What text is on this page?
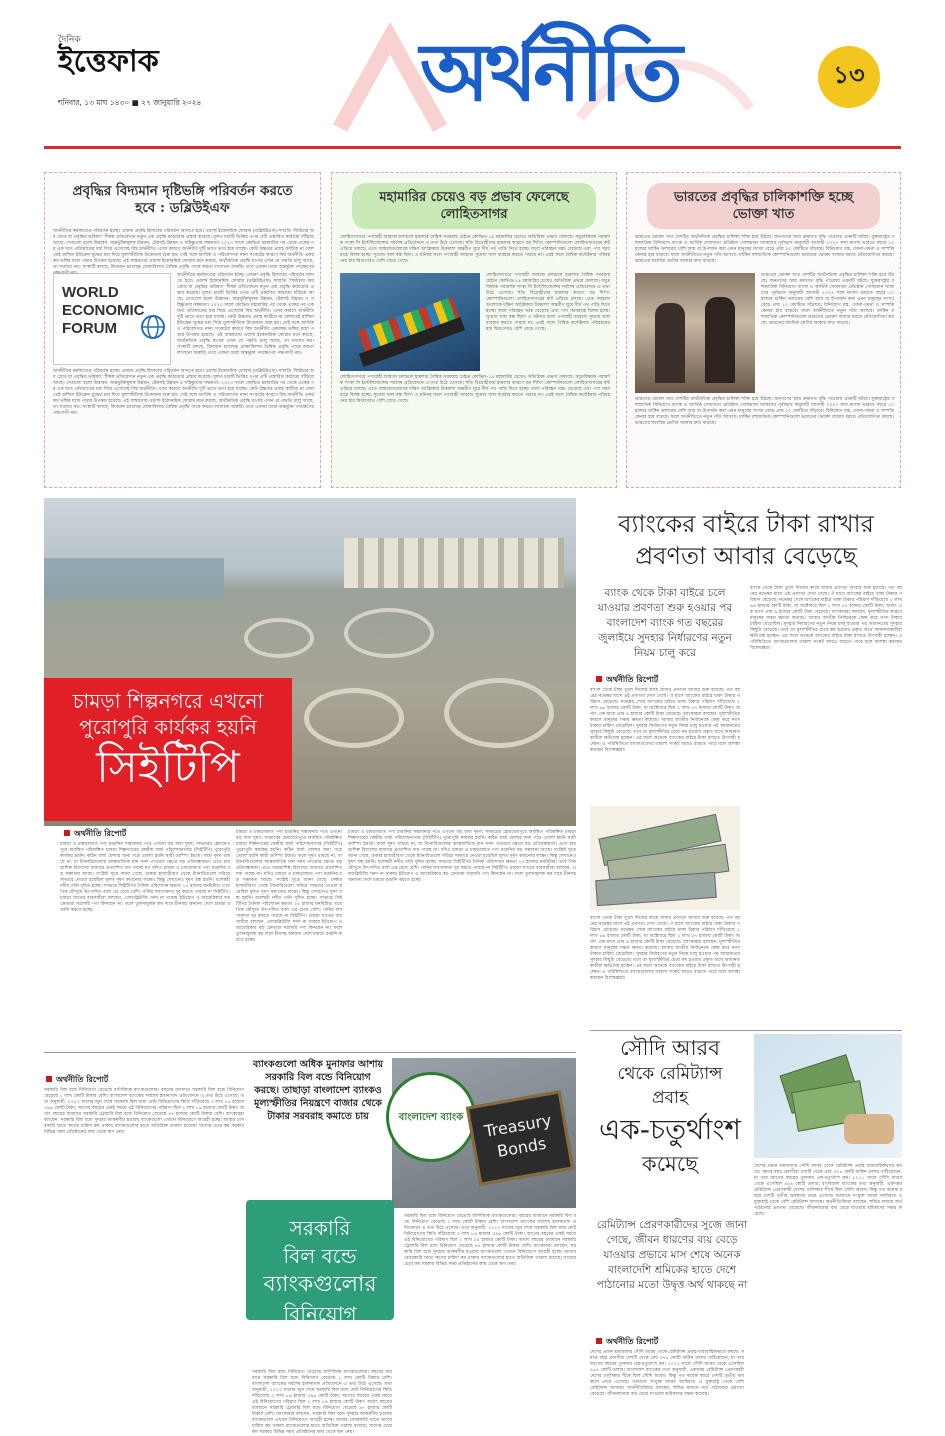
দৈনিক
ইত্তেফাক
শনিবার, ১৩ মাঘ ১৪৩০ ■ ২৭ জানুয়ারি ২০২৪	অর্থনীতি	১৩
প্রবৃদ্ধির বিদ্যমান দৃষ্টিভঙ্গি পরিবর্তন করতে হবে : ডব্লিউইএফ
WORLD
ECONOMIC
FORUM
অর্থনীতির কর্মকাণ্ডের পরিবর্তন হচ্ছে। এজন্য প্রবৃদ্ধি হিসাবের পরিবর্তন আনতে হবে। ওয়ার্ল্ড ইকোনমিক ফোরাম (ডব্লিউইএফ) সম্প্রতি 'ফিউচার অব গ্রোথ বা প্রবৃদ্ধির ভবিষ্যৎ' শীর্ষক প্রতিবেদনে নতুন এক প্রবৃদ্ধি কাঠামোর প্রস্তাব করেছে। মূলত চারটি ভিত্তির ওপর এটি প্রস্তাবিত কাঠামো দাঁড়িয়ে আছে। সেগুলো হলো উদ্ভাবন, অন্তর্ভুক্তিমূলক উন্নয়ন, টেকসই উন্নয়ন ও সহিষ্ণুতার সক্ষমতা। ২০২৩ সালে কোভিড মহামারির পর থেকে একের পর এক ঘাত প্রতিঘাতের মধ্য দিয়ে এগোচ্ছে বিশ্ব অর্থনীতি। এসব কারণে অর্থনীতি দুটি ভাগে ভাগ হয়ে যাচ্ছে। কেউ উচ্চতর প্রবাহ কাটিয়ে না ফেলতেই রাশিয়া ইউক্রেন যুদ্ধের মধ্য দিয়ে মুল্যস্ফীতিক উত্তেজনা শুরু হয়। সেই সঙ্গে আর্থিক ও পরিবেশগত নানা সংকটের কারণে বিশ্ব অর্থনীতি একরকম ভঙ্গির মধ্যে পড়ার উপক্রম হয়েছে। এই বাস্তবতায় ওয়ার্ল্ড ইকোনমিক ফোরাম মনে করছে, অর্থনৈতিক প্রবৃদ্ধি মাপার এখন যে পদ্ধতি চালু আছে, তা যথাযথ নয়। সংস্থাটি বলছে, বিদ্যমান চ্যালেঞ্জ মোকাবিলায় বৈশ্বিক প্রবৃদ্ধি পাকে ফয়ত্য লাগানো জরুরি। তবে এজন্য তারা অন্তর্ভুক্ত পদক্ষেপের পক্ষপাতী নয়।	অর্থনীতির কর্মকাণ্ডের পরিবর্তন হচ্ছে। এজন্য প্রবৃদ্ধি হিসাবের পরিবর্তন আনতে হবে। ওয়ার্ল্ড ইকোনমিক ফোরাম (ডব্লিউইএফ) সম্প্রতি 'ফিউচার অব গ্রোথ বা প্রবৃদ্ধির ভবিষ্যৎ' শীর্ষক প্রতিবেদনে নতুন এক প্রবৃদ্ধি কাঠামোর প্রস্তাব করেছে। মূলত চারটি ভিত্তির ওপর এটি প্রস্তাবিত কাঠামো দাঁড়িয়ে আছে। সেগুলো হলো উদ্ভাবন, অন্তর্ভুক্তিমূলক উন্নয়ন, টেকসই উন্নয়ন ও সহিষ্ণুতার সক্ষমতা। ২০২৩ সালে কোভিড মহামারির পর থেকে একের পর এক ঘাত প্রতিঘাতের মধ্য দিয়ে এগোচ্ছে বিশ্ব অর্থনীতি। এসব কারণে অর্থনীতি দুটি ভাগে ভাগ হয়ে যাচ্ছে। কেউ উচ্চতর প্রবাহ কাটিয়ে না ফেলতেই রাশিয়া ইউক্রেন যুদ্ধের মধ্য দিয়ে মুল্যস্ফীতিক উত্তেজনা শুরু হয়। সেই সঙ্গে আর্থিক ও পরিবেশগত নানা সংকটের কারণে বিশ্ব অর্থনীতি একরকম ভঙ্গির মধ্যে পড়ার উপক্রম হয়েছে। এই বাস্তবতায় ওয়ার্ল্ড ইকোনমিক ফোরাম মনে করছে, অর্থনৈতিক প্রবৃদ্ধি মাপার এখন যে পদ্ধতি চালু আছে, তা যথাযথ নয়। সংস্থাটি বলছে, বিদ্যমান চ্যালেঞ্জ মোকাবিলায় বৈশ্বিক প্রবৃদ্ধি পাকে ফয়ত্য লাগানো জরুরি। তবে এজন্য তারা অন্তর্ভুক্ত পদক্ষেপের পক্ষপাতী নয়।
অর্থনীতির কর্মকাণ্ডের পরিবর্তন হচ্ছে। এজন্য প্রবৃদ্ধি হিসাবের পরিবর্তন আনতে হবে। ওয়ার্ল্ড ইকোনমিক ফোরাম (ডব্লিউইএফ) সম্প্রতি 'ফিউচার অব গ্রোথ বা প্রবৃদ্ধির ভবিষ্যৎ' শীর্ষক প্রতিবেদনে নতুন এক প্রবৃদ্ধি কাঠামোর প্রস্তাব করেছে। মূলত চারটি ভিত্তির ওপর এটি প্রস্তাবিত কাঠামো দাঁড়িয়ে আছে। সেগুলো হলো উদ্ভাবন, অন্তর্ভুক্তিমূলক উন্নয়ন, টেকসই উন্নয়ন ও সহিষ্ণুতার সক্ষমতা। ২০২৩ সালে কোভিড মহামারির পর থেকে একের পর এক ঘাত প্রতিঘাতের মধ্য দিয়ে এগোচ্ছে বিশ্ব অর্থনীতি। এসব কারণে অর্থনীতি দুটি ভাগে ভাগ হয়ে যাচ্ছে। কেউ উচ্চতর প্রবাহ কাটিয়ে না ফেলতেই রাশিয়া ইউক্রেন যুদ্ধের মধ্য দিয়ে মুল্যস্ফীতিক উত্তেজনা শুরু হয়। সেই সঙ্গে আর্থিক ও পরিবেশগত নানা সংকটের কারণে বিশ্ব অর্থনীতি একরকম ভঙ্গির মধ্যে পড়ার উপক্রম হয়েছে। এই বাস্তবতায় ওয়ার্ল্ড ইকোনমিক ফোরাম মনে করছে, অর্থনৈতিক প্রবৃদ্ধি মাপার এখন যে পদ্ধতি চালু আছে, তা যথাযথ নয়। সংস্থাটি বলছে, বিদ্যমান চ্যালেঞ্জ মোকাবিলায় বৈশ্বিক প্রবৃদ্ধি পাকে ফয়ত্য লাগানো জরুরি। তবে এজন্য তারা অন্তর্ভুক্ত পদক্ষেপের পক্ষপাতী নয়।
মহামারির চেয়েও বড় প্রভাব ফেলেছে লোহিতসাগর
লোহিতসাগরে পণ্যবাহী জাহাজ চলাচলে হামলার বৈশ্বিক সরবরাহ চেইনে কোভিড-১৯ মহামারির চেয়েও অতিরিক্ত প্রভাব ফেলছে। সমুদ্রবিষয়ক পরামর্শক সংস্থা সি ইন্টেলিজেন্সের সর্বশেষ প্রতিবেদনে এ তথ্য উঠে এসেছে। হুতি বিদ্রোহীদের হামলার কারণে বড় শিপিং কোম্পানিগুলো লোহিতসাগরের রুট এড়িয়ে চলছে। এতে জাহাজগুলোকে দক্ষিণ আফ্রিকার উত্তমাশা অন্তরীপ ঘুরে দীর্ঘ পথ পাড়ি দিতে হচ্ছে। ফলে পরিবহন খরচ বেড়েছে এবং পণ্য সরবরাহে বিলম্ব হচ্ছে। সুয়েজ খাল বন্ধ ছিল। এ ঘটনার ফলে পণ্যবাহী জাহাজ সুয়েজ খাল ব্যবহার করতে পারছে না। এরই ফলে বৈশ্বিক কন্টেইনার পরিবহনের হার দ্বিগুণেরও বেশি বেড়ে গেছে।
লোহিতসাগরে পণ্যবাহী জাহাজ চলাচলে হামলার বৈশ্বিক সরবরাহ চেইনে কোভিড-১৯ মহামারির চেয়েও অতিরিক্ত প্রভাব ফেলছে। সমুদ্রবিষয়ক পরামর্শক সংস্থা সি ইন্টেলিজেন্সের সর্বশেষ প্রতিবেদনে এ তথ্য উঠে এসেছে। হুতি বিদ্রোহীদের হামলার কারণে বড় শিপিং কোম্পানিগুলো লোহিতসাগরের রুট এড়িয়ে চলছে। এতে জাহাজগুলোকে দক্ষিণ আফ্রিকার উত্তমাশা অন্তরীপ ঘুরে দীর্ঘ পথ পাড়ি দিতে হচ্ছে। ফলে পরিবহন খরচ বেড়েছে এবং পণ্য সরবরাহে বিলম্ব হচ্ছে। সুয়েজ খাল বন্ধ ছিল। এ ঘটনার ফলে পণ্যবাহী জাহাজ সুয়েজ খাল ব্যবহার করতে পারছে না। এরই ফলে বৈশ্বিক কন্টেইনার পরিবহনের হার দ্বিগুণেরও বেশি বেড়ে গেছে।
লোহিতসাগরে পণ্যবাহী জাহাজ চলাচলে হামলার বৈশ্বিক সরবরাহ চেইনে কোভিড-১৯ মহামারির চেয়েও অতিরিক্ত প্রভাব ফেলছে। সমুদ্রবিষয়ক পরামর্শক সংস্থা সি ইন্টেলিজেন্সের সর্বশেষ প্রতিবেদনে এ তথ্য উঠে এসেছে। হুতি বিদ্রোহীদের হামলার কারণে বড় শিপিং কোম্পানিগুলো লোহিতসাগরের রুট এড়িয়ে চলছে। এতে জাহাজগুলোকে দক্ষিণ আফ্রিকার উত্তমাশা অন্তরীপ ঘুরে দীর্ঘ পথ পাড়ি দিতে হচ্ছে। ফলে পরিবহন খরচ বেড়েছে এবং পণ্য সরবরাহে বিলম্ব হচ্ছে। সুয়েজ খাল বন্ধ ছিল। এ ঘটনার ফলে পণ্যবাহী জাহাজ সুয়েজ খাল ব্যবহার করতে পারছে না। এরই ফলে বৈশ্বিক কন্টেইনার পরিবহনের হার দ্বিগুণেরও বেশি বেড়ে গেছে।
ভারতের প্রবৃদ্ধির চালিকাশক্তি হচ্ছে ভোক্তা খাত
ভারতের ভোক্তা খাত দেশটির অর্থনৈতিক প্রবৃদ্ধির চালিকা শক্তি হয়ে উঠছে। জনগণের আয় ক্রমাগত বৃদ্ধি পাওয়ায় এমনটি ঘটছে। যুক্তরাষ্ট্রের বহুজাতিক বিনিয়োগ ব্যাংক ও আর্থিক সেবাদাতা প্রতিষ্ঠান গোল্ডম্যান স্যাকসের পূর্বাভাস অনুযায়ী আগামী ২০২৭ সাল নাগাদ ভারতে বছরে ১০ হাজার মার্কিন ডলারের বেশি আয় বা উপার্জন করা এমন মানুষের সংখ্যা বেড়ে প্রায় ১০ কোটিতে দাঁড়াবে। বিনিয়োগ যন্ত্র, সোনা-গয়না ও সম্পত্তি কেনার হার বাড়বে। ফলে অর্থনীতিতে নতুন গতি আসবে। মার্কিন বহুজাতিক কোম্পানিগুলো ভারতের ভোক্তা বাজার ধরতে প্রতিযোগিতা করছে। ভারতের মধ্যবিত্ত শ্রেণির আকার দ্রুত বাড়ছে।
ভারতের ভোক্তা খাত দেশটির অর্থনৈতিক প্রবৃদ্ধির চালিকা শক্তি হয়ে উঠছে। জনগণের আয় ক্রমাগত বৃদ্ধি পাওয়ায় এমনটি ঘটছে। যুক্তরাষ্ট্রের বহুজাতিক বিনিয়োগ ব্যাংক ও আর্থিক সেবাদাতা প্রতিষ্ঠান গোল্ডম্যান স্যাকসের পূর্বাভাস অনুযায়ী আগামী ২০২৭ সাল নাগাদ ভারতে বছরে ১০ হাজার মার্কিন ডলারের বেশি আয় বা উপার্জন করা এমন মানুষের সংখ্যা বেড়ে প্রায় ১০ কোটিতে দাঁড়াবে। বিনিয়োগ যন্ত্র, সোনা-গয়না ও সম্পত্তি কেনার হার বাড়বে। ফলে অর্থনীতিতে নতুন গতি আসবে। মার্কিন বহুজাতিক কোম্পানিগুলো ভারতের ভোক্তা বাজার ধরতে প্রতিযোগিতা করছে। ভারতের মধ্যবিত্ত শ্রেণির আকার দ্রুত বাড়ছে।
ভারতের ভোক্তা খাত দেশটির অর্থনৈতিক প্রবৃদ্ধির চালিকা শক্তি হয়ে উঠছে। জনগণের আয় ক্রমাগত বৃদ্ধি পাওয়ায় এমনটি ঘটছে। যুক্তরাষ্ট্রের বহুজাতিক বিনিয়োগ ব্যাংক ও আর্থিক সেবাদাতা প্রতিষ্ঠান গোল্ডম্যান স্যাকসের পূর্বাভাস অনুযায়ী আগামী ২০২৭ সাল নাগাদ ভারতে বছরে ১০ হাজার মার্কিন ডলারের বেশি আয় বা উপার্জন করা এমন মানুষের সংখ্যা বেড়ে প্রায় ১০ কোটিতে দাঁড়াবে। বিনিয়োগ যন্ত্র, সোনা-গয়না ও সম্পত্তি কেনার হার বাড়বে। ফলে অর্থনীতিতে নতুন গতি আসবে। মার্কিন বহুজাতিক কোম্পানিগুলো ভারতের ভোক্তা বাজার ধরতে প্রতিযোগিতা করছে। ভারতের মধ্যবিত্ত শ্রেণির আকার দ্রুত বাড়ছে।
চামড়া শিল্পনগরে এখনো
পুরোপুরি কার্যকর হয়নি
সিইটিপি
চামড়া ও চামড়াজাত পণ্য রপ্তানির সম্ভাবনার পথে এখনো বড় বাধা দূষণ। সাভারের হেমায়েতপুরে অবস্থিত পরিকল্পিত চামড়া শিল্পনগরের কেন্দ্রীয় বর্জ্য পরিশোধনাগার (সিইটিপি) পুরোপুরি কার্যকর হয়নি। কঠিন বর্জ্য ফেলার জন্য গড়ে তোলা হয়নি স্থায়ী ডাম্পিং ইয়ার্ড। ফলে দূষণ থামছে না, যা ট্যানারিগুলোর আন্তর্জাতিক মান সনদ পাওয়ার ক্ষেত্রে বড় প্রতিবন্ধকতা। এতে চামড়াশিল্প বিদেশের বাজারে প্রত্যাশিত দাম পাচ্ছে না। যদিও চামড়া ও চামড়াজাত পণ্য রপ্তানির বড় সম্ভাবনা আছে। সংশ্লিষ্ট সূত্রে জানা গেছে, ঢাকার হাজারীবাগ থেকে ট্যানারিগুলো সরিয়ে সাভারে নেওয়া হয়েছিল মূলত দূষণ কমানোর লক্ষ্যে। কিন্তু সেখানেও দূষণ বন্ধ হয়নি। ধলেশ্বরী নদীর পানি দূষিত হচ্ছে। সাভারে সিইটিপির দৈনিক পরিশোধন ক্ষমতা ২৫ হাজার ঘনমিটার। তবে পিক মৌসুমে উৎপাদিত বর্জ্য এর চেয়ে বেশি। পানির লবণাক্ততা দূর করতে পারছে না সিইটিপি। চামড়া খাতের ব্যবসায়ীরা বলছেন, এলডব্লিউজি সনদ না থাকায় ইউরোপ ও আমেরিকার বড় ক্রেতারা সরাসরি পণ্য কিনছেন না। ফলে তুলনামূলক কম দামে চীনসহ অন্যান্য দেশে চামড়া রপ্তানি করতে হচ্ছে।
অর্থনীতি রিপোর্ট
চামড়া ও চামড়াজাত পণ্য রপ্তানির সম্ভাবনার পথে এখনো বড় বাধা দূষণ। সাভারের হেমায়েতপুরে অবস্থিত পরিকল্পিত চামড়া শিল্পনগরের কেন্দ্রীয় বর্জ্য পরিশোধনাগার (সিইটিপি) পুরোপুরি কার্যকর হয়নি। কঠিন বর্জ্য ফেলার জন্য গড়ে তোলা হয়নি স্থায়ী ডাম্পিং ইয়ার্ড। ফলে দূষণ থামছে না, যা ট্যানারিগুলোর আন্তর্জাতিক মান সনদ পাওয়ার ক্ষেত্রে বড় প্রতিবন্ধকতা। এতে চামড়াশিল্প বিদেশের বাজারে প্রত্যাশিত দাম পাচ্ছে না। যদিও চামড়া ও চামড়াজাত পণ্য রপ্তানির বড় সম্ভাবনা আছে। সংশ্লিষ্ট সূত্রে জানা গেছে, ঢাকার হাজারীবাগ থেকে ট্যানারিগুলো সরিয়ে সাভারে নেওয়া হয়েছিল মূলত দূষণ কমানোর লক্ষ্যে। কিন্তু সেখানেও দূষণ বন্ধ হয়নি। ধলেশ্বরী নদীর পানি দূষিত হচ্ছে। সাভারে সিইটিপির দৈনিক পরিশোধন ক্ষমতা ২৫ হাজার ঘনমিটার। তবে পিক মৌসুমে উৎপাদিত বর্জ্য এর চেয়ে বেশি। পানির লবণাক্ততা দূর করতে পারছে না সিইটিপি। চামড়া খাতের ব্যবসায়ীরা বলছেন, এলডব্লিউজি সনদ না থাকায় ইউরোপ ও আমেরিকার বড় ক্রেতারা সরাসরি পণ্য কিনছেন না। ফলে তুলনামূলক কম দামে চীনসহ অন্যান্য দেশে চামড়া রপ্তানি করতে হচ্ছে।
চামড়া ও চামড়াজাত পণ্য রপ্তানির সম্ভাবনার পথে এখনো বড় বাধা দূষণ। সাভারের হেমায়েতপুরে অবস্থিত পরিকল্পিত চামড়া শিল্পনগরের কেন্দ্রীয় বর্জ্য পরিশোধনাগার (সিইটিপি) পুরোপুরি কার্যকর হয়নি। কঠিন বর্জ্য ফেলার জন্য গড়ে তোলা হয়নি স্থায়ী ডাম্পিং ইয়ার্ড। ফলে দূষণ থামছে না, যা ট্যানারিগুলোর আন্তর্জাতিক মান সনদ পাওয়ার ক্ষেত্রে বড় প্রতিবন্ধকতা। এতে চামড়াশিল্প বিদেশের বাজারে প্রত্যাশিত দাম পাচ্ছে না। যদিও চামড়া ও চামড়াজাত পণ্য রপ্তানির বড় সম্ভাবনা আছে। সংশ্লিষ্ট সূত্রে জানা গেছে, ঢাকার হাজারীবাগ থেকে ট্যানারিগুলো সরিয়ে সাভারে নেওয়া হয়েছিল মূলত দূষণ কমানোর লক্ষ্যে। কিন্তু সেখানেও দূষণ বন্ধ হয়নি। ধলেশ্বরী নদীর পানি দূষিত হচ্ছে। সাভারে সিইটিপির দৈনিক পরিশোধন ক্ষমতা ২৫ হাজার ঘনমিটার। তবে পিক মৌসুমে উৎপাদিত বর্জ্য এর চেয়ে বেশি। পানির লবণাক্ততা দূর করতে পারছে না সিইটিপি। চামড়া খাতের ব্যবসায়ীরা বলছেন, এলডব্লিউজি সনদ না থাকায় ইউরোপ ও আমেরিকার বড় ক্রেতারা সরাসরি পণ্য কিনছেন না। ফলে তুলনামূলক কম দামে চীনসহ অন্যান্য দেশে চামড়া রপ্তানি করতে হচ্ছে।
ব্যাংকের বাইরে টাকা রাখার
প্রবণতা আবার বেড়েছে
ব্যাংক থেকে টাকা বাইরে চলে যাওয়ার প্রবণতা শুরু হওয়ার পর বাংলাদেশ ব্যাংক গত বছরের জুলাইয়ে সুদহার নির্ধারণের নতুন নিয়ম চালু করে
অর্থনীতি রিপোর্ট
ব্যাংক থেকে টাকা তুলে নিজের কাছে রাখার প্রবণতা আবার শুরু হয়েছে। গত বছরের নভেম্বর মাসে এই প্রবণতা দেখা গেছে। ঐ মাসে ব্যাংকের বাইরে থাকা টাকার পরিমাণ বেড়েছে। নভেম্বর শেষে ব্যাংকের বাইরে থাকা টাকার পরিমাণ দাঁড়িয়েছে ২ লাখ ৬৬ হাজার কোটি টাকা, যা অক্টোবরে ছিল ২ লাখ ৫৭ হাজার কোটি টাকা। অর্থাৎ এক মাসে প্রায় ৯ হাজার কোটি টাকা বেড়েছে। ব্যাংকাররা বলছেন, মূল্যস্ফীতির কারণে মানুষের সঞ্চয় ক্ষমতা কমেছে। আবার জাতীয় নির্বাচনকে কেন্দ্র করে নগদ টাকার চাহিদা বেড়েছিল। সুদহার নির্ধারণের নতুন নিয়ম চালু হওয়ার পর আমানতের সুদহার কিছুটা বেড়েছে। তবে তা মূল্যস্ফীতির চেয়ে কম হওয়ায় প্রকৃত অর্থে আমানতকারীরা ক্ষতিগ্রস্ত হচ্ছেন। এর ফলে অনেকে ব্যাংকের বাইরে টাকা রাখতে উৎসাহী হচ্ছেন। এ পরিস্থিতিতে ব্যাংকগুলোর তারল্য সংকট আরও বাড়তে পারে বলে আশঙ্কা করছেন বিশেষজ্ঞরা।
ব্যাংক থেকে টাকা তুলে নিজের কাছে রাখার প্রবণতা আবার শুরু হয়েছে। গত বছরের নভেম্বর মাসে এই প্রবণতা দেখা গেছে। ঐ মাসে ব্যাংকের বাইরে থাকা টাকার পরিমাণ বেড়েছে। নভেম্বর শেষে ব্যাংকের বাইরে থাকা টাকার পরিমাণ দাঁড়িয়েছে ২ লাখ ৬৬ হাজার কোটি টাকা, যা অক্টোবরে ছিল ২ লাখ ৫৭ হাজার কোটি টাকা। অর্থাৎ এক মাসে প্রায় ৯ হাজার কোটি টাকা বেড়েছে। ব্যাংকাররা বলছেন, মূল্যস্ফীতির কারণে মানুষের সঞ্চয় ক্ষমতা কমেছে। আবার জাতীয় নির্বাচনকে কেন্দ্র করে নগদ টাকার চাহিদা বেড়েছিল। সুদহার নির্ধারণের নতুন নিয়ম চালু হওয়ার পর আমানতের সুদহার কিছুটা বেড়েছে। তবে তা মূল্যস্ফীতির চেয়ে কম হওয়ায় প্রকৃত অর্থে আমানতকারীরা ক্ষতিগ্রস্ত হচ্ছেন। এর ফলে অনেকে ব্যাংকের বাইরে টাকা রাখতে উৎসাহী হচ্ছেন। এ পরিস্থিতিতে ব্যাংকগুলোর তারল্য সংকট আরও বাড়তে পারে বলে আশঙ্কা করছেন বিশেষজ্ঞরা।
ব্যাংক থেকে টাকা তুলে নিজের কাছে রাখার প্রবণতা আবার শুরু হয়েছে। গত বছরের নভেম্বর মাসে এই প্রবণতা দেখা গেছে। ঐ মাসে ব্যাংকের বাইরে থাকা টাকার পরিমাণ বেড়েছে। নভেম্বর শেষে ব্যাংকের বাইরে থাকা টাকার পরিমাণ দাঁড়িয়েছে ২ লাখ ৬৬ হাজার কোটি টাকা, যা অক্টোবরে ছিল ২ লাখ ৫৭ হাজার কোটি টাকা। অর্থাৎ এক মাসে প্রায় ৯ হাজার কোটি টাকা বেড়েছে। ব্যাংকাররা বলছেন, মূল্যস্ফীতির কারণে মানুষের সঞ্চয় ক্ষমতা কমেছে। আবার জাতীয় নির্বাচনকে কেন্দ্র করে নগদ টাকার চাহিদা বেড়েছিল। সুদহার নির্ধারণের নতুন নিয়ম চালু হওয়ার পর আমানতের সুদহার কিছুটা বেড়েছে। তবে তা মূল্যস্ফীতির চেয়ে কম হওয়ায় প্রকৃত অর্থে আমানতকারীরা ক্ষতিগ্রস্ত হচ্ছেন। এর ফলে অনেকে ব্যাংকের বাইরে টাকা রাখতে উৎসাহী হচ্ছেন। এ পরিস্থিতিতে ব্যাংকগুলোর তারল্য সংকট আরও বাড়তে পারে বলে আশঙ্কা করছেন বিশেষজ্ঞরা।
সৌদি আরব
থেকে রেমিট্যান্স
প্রবাহ
এক-চতুর্থাংশ
কমেছে
রেমিট্যান্স প্রেরণকারীদের সুজে জানা গেছে, জীবন ধারণের ব্যয় বেড়ে যাওয়ার প্রভাবে মাস শেষে অনেক বাংলাদেশি শ্রমিকের হাতে দেশে পাঠানোর মতো উদ্বৃত্ত অর্থ থাকছে না
অর্থনীতি রিপোর্ট
দেশের প্রধান শ্রমবাজার সৌদি আরব থেকে রেমিট্যান্স প্রবাহ ধারাবাহিকভাবে কমছে। সমাপ্ত বছর প্রবাসীরা দেশটি থেকে প্রায় ৩৭৪ কোটি মার্কিন ডলার পাঠিয়েছেন, যা তার আগের বছরের তুলনায় এক-চতুর্থাংশ কম। ২০২২ সালে সৌদি আরব থেকে এসেছিল ৪৫৪ কোটি ডলার। বাংলাদেশ ব্যাংকের তথ্য অনুযায়ী, একসময় রেমিট্যান্স প্রেরণকারী দেশের তালিকায় শীর্ষে ছিল সৌদি আরব। কিন্তু গত কয়েক বছরে দেশটি তৃতীয় অবস্থানে নেমে এসেছে। বর্তমানে সংযুক্ত আরব আমিরাত ও যুক্তরাষ্ট্র থেকে বেশি রেমিট্যান্স আসছে। অর্থনীতিবিদরা বলছেন, হুন্ডির মাধ্যমে অর্থ পাঠানোর প্রবণতা বেড়েছে। জীবনযাত্রার ব্যয় বেড়ে যাওয়ায় শ্রমিকদের সঞ্চয় কমেছে।
দেশের প্রধান শ্রমবাজার সৌদি আরব থেকে রেমিট্যান্স প্রবাহ ধারাবাহিকভাবে কমছে। সমাপ্ত বছর প্রবাসীরা দেশটি থেকে প্রায় ৩৭৪ কোটি মার্কিন ডলার পাঠিয়েছেন, যা তার আগের বছরের তুলনায় এক-চতুর্থাংশ কম। ২০২২ সালে সৌদি আরব থেকে এসেছিল ৪৫৪ কোটি ডলার। বাংলাদেশ ব্যাংকের তথ্য অনুযায়ী, একসময় রেমিট্যান্স প্রেরণকারী দেশের তালিকায় শীর্ষে ছিল সৌদি আরব। কিন্তু গত কয়েক বছরে দেশটি তৃতীয় অবস্থানে নেমে এসেছে। বর্তমানে সংযুক্ত আরব আমিরাত ও যুক্তরাষ্ট্র থেকে বেশি রেমিট্যান্স আসছে। অর্থনীতিবিদরা বলছেন, হুন্ডির মাধ্যমে অর্থ পাঠানোর প্রবণতা বেড়েছে। জীবনযাত্রার ব্যয় বেড়ে যাওয়ায় শ্রমিকদের সঞ্চয় কমেছে।
অর্থনীতি রিপোর্ট
সরকারি বিল বন্ডে বিনিয়োগ বেড়েছে বাণিজ্যিক ব্যাংকগুলোর। বছরের ব্যবধানে সরকারি বিল বন্ডে বিনিয়োগ বেড়েছে ১ লাখ কোটি টাকার বেশি। বাংলাদেশ ব্যাংকের সর্বশেষ হালনাগাদ প্রতিবেদনে এ তথ্য উঠে এসেছে। তথ্য অনুযায়ী, ২০২৩ সালের জুন শেষে সরকারি বিল বন্ডে মোট বিনিয়োগের স্থিতি দাঁড়িয়েছে ৩ লাখ ৮৬ হাজার ৩৯৬ কোটি টাকা। আগের বছরের একই সময়ে এই বিনিয়োগের পরিমাণ ছিল ২ লাখ ৮৯ হাজার কোটি টাকা। অর্থাৎ বছরের ব্যবধানে সরকারি ট্রেজারি বিল বন্ডে বিনিয়োগ বেড়েছে ৯৭ হাজার কোটি টাকার বেশি। ব্যাংকাররা বলছেন, সরকারি বিল বন্ডে সুদহার আকর্ষণীয় হওয়ায় ব্যাংকগুলো এখানে বিনিয়োগে আগ্রহী হচ্ছে। আবার বেসরকারি খাতে ঋণের চাহিদা কম থাকায় ব্যাংকগুলোর হাতে অতিরিক্ত তারল্য রয়েছে। খাদ্যের চেয়ে কম সরকার বিভিন্ন সময় প্রতিষ্ঠানের কাছ থেকে ঋণ নেয়।
ব্যাংকগুলো অধিক মুনাফার আশায় সরকারি বিল বন্ডে বিনিয়োগ করছে। তাছাড়া বাংলাদেশ ব্যাংকও মূল্যস্ফীতির নিয়ন্ত্রণে বাজার থেকে টাকার সরবরাহ কমাতে চায়	বাংলাদেশ ব্যাংক	Treasury Bonds
সরকারি
বিল বন্ডে
ব্যাংকগুলোর
বিনিয়োগ
বেড়েছে
সরকারি বিল বন্ডে বিনিয়োগ বেড়েছে বাণিজ্যিক ব্যাংকগুলোর। বছরের ব্যবধানে সরকারি বিল বন্ডে বিনিয়োগ বেড়েছে ১ লাখ কোটি টাকার বেশি। বাংলাদেশ ব্যাংকের সর্বশেষ হালনাগাদ প্রতিবেদনে এ তথ্য উঠে এসেছে। তথ্য অনুযায়ী, ২০২৩ সালের জুন শেষে সরকারি বিল বন্ডে মোট বিনিয়োগের স্থিতি দাঁড়িয়েছে ৩ লাখ ৮৬ হাজার ৩৯৬ কোটি টাকা। আগের বছরের একই সময়ে এই বিনিয়োগের পরিমাণ ছিল ২ লাখ ৮৯ হাজার কোটি টাকা। অর্থাৎ বছরের ব্যবধানে সরকারি ট্রেজারি বিল বন্ডে বিনিয়োগ বেড়েছে ৯৭ হাজার কোটি টাকার বেশি। ব্যাংকাররা বলছেন, সরকারি বিল বন্ডে সুদহার আকর্ষণীয় হওয়ায় ব্যাংকগুলো এখানে বিনিয়োগে আগ্রহী হচ্ছে। আবার বেসরকারি খাতে ঋণের চাহিদা কম থাকায় ব্যাংকগুলোর হাতে অতিরিক্ত তারল্য রয়েছে। খাদ্যের চেয়ে কম সরকার বিভিন্ন সময় প্রতিষ্ঠানের কাছ থেকে ঋণ নেয়।
সরকারি বিল বন্ডে বিনিয়োগ বেড়েছে বাণিজ্যিক ব্যাংকগুলোর। বছরের ব্যবধানে সরকারি বিল বন্ডে বিনিয়োগ বেড়েছে ১ লাখ কোটি টাকার বেশি। বাংলাদেশ ব্যাংকের সর্বশেষ হালনাগাদ প্রতিবেদনে এ তথ্য উঠে এসেছে। তথ্য অনুযায়ী, ২০২৩ সালের জুন শেষে সরকারি বিল বন্ডে মোট বিনিয়োগের স্থিতি দাঁড়িয়েছে ৩ লাখ ৮৬ হাজার ৩৯৬ কোটি টাকা। আগের বছরের একই সময়ে এই বিনিয়োগের পরিমাণ ছিল ২ লাখ ৮৯ হাজার কোটি টাকা। অর্থাৎ বছরের ব্যবধানে সরকারি ট্রেজারি বিল বন্ডে বিনিয়োগ বেড়েছে ৯৭ হাজার কোটি টাকার বেশি। ব্যাংকাররা বলছেন, সরকারি বিল বন্ডে সুদহার আকর্ষণীয় হওয়ায় ব্যাংকগুলো এখানে বিনিয়োগে আগ্রহী হচ্ছে। আবার বেসরকারি খাতে ঋণের চাহিদা কম থাকায় ব্যাংকগুলোর হাতে অতিরিক্ত তারল্য রয়েছে। খাদ্যের চেয়ে কম সরকার বিভিন্ন সময় প্রতিষ্ঠানের কাছ থেকে ঋণ নেয়।
